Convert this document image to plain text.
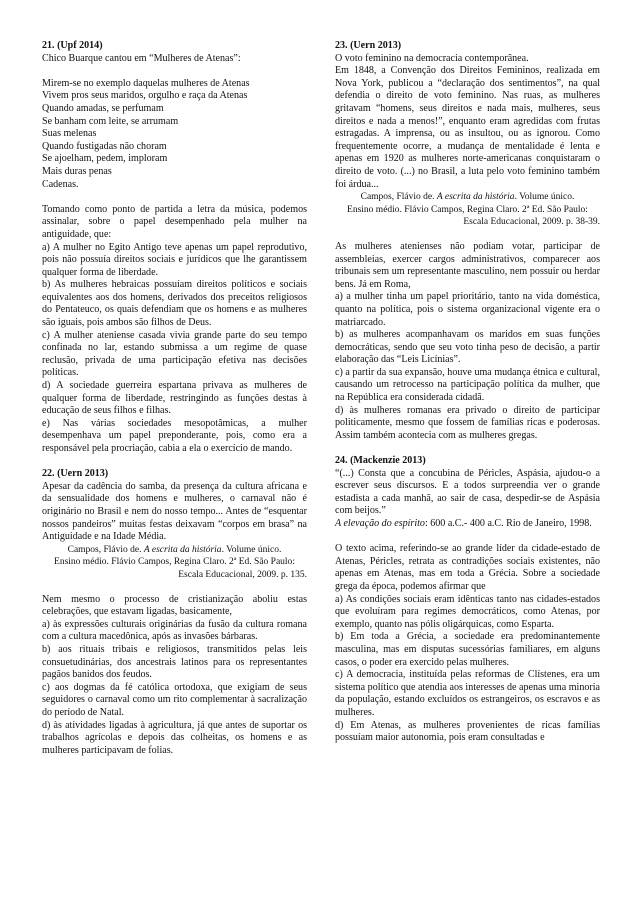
21. (Upf 2014)

Chico Buarque cantou em “Mulheres de Atenas”:

Mirem-se no exemplo daquelas mulheres de Atenas

Vivem pros seus maridos, orgulho e raça da Atenas

Quando amadas, se perfumam

Se banham com leite, se arrumam

Suas melenas

Quando fustigadas não choram

Se ajoelham, pedem, imploram

Mais duras penas

Cadenas.

Tomando como ponto de partida a letra da música, podemos assinalar, sobre o papel desempenhado pela mulher na antiguidade, que:

a) A mulher no Egito Antigo teve apenas um papel reprodutivo, pois não possuía direitos sociais e jurídicos que lhe garantissem qualquer forma de liberdade.

b) As mulheres hebraicas possuíam direitos políticos e sociais equivalentes aos dos homens, derivados dos preceitos religiosos do Pentateuco, os quais defendiam que os homens e as mulheres são iguais, pois ambos são filhos de Deus.

c) A mulher ateniense casada vivia grande parte do seu tempo confinada no lar, estando submissa a um regime de quase reclusão, privada de uma participação efetiva nas decisões políticas.

d) A sociedade guerreira espartana privava as mulheres de qualquer forma de liberdade, restringindo as funções destas à educação de seus filhos e filhas.

e) Nas várias sociedades mesopotâmicas, a mulher desempenhava um papel preponderante, pois, como era a responsável pela procriação, cabia a ela o exercício de mando.

22. (Uern 2013)

Apesar da cadência do samba, da presença da cultura africana e da sensualidade dos homens e mulheres, o carnaval não é originário no Brasil e nem do nosso tempo... Antes de “esquentar nossos pandeiros” muitas festas deixavam “corpos em brasa” na Antiguidade e na Idade Média.

Campos, Flávio de. A escrita da história. Volume único.

Ensino médio. Flávio Campos, Regina Claro. 2ª Ed. São Paulo:

Escala Educacional, 2009. p. 135.

Nem mesmo o processo de cristianização aboliu estas celebrações, que estavam ligadas, basicamente,

a) às expressões culturais originárias da fusão da cultura romana com a cultura macedônica, após as invasões bárbaras.

b) aos rituais tribais e religiosos, transmitidos pelas leis consuetudinárias, dos ancestrais latinos para os representantes pagãos banidos dos feudos.

c) aos dogmas da fé católica ortodoxa, que exigiam de seus seguidores o carnaval como um rito complementar à sacralização do período de Natal.

d) às atividades ligadas à agricultura, já que antes de suportar os trabalhos agrícolas e depois das colheitas, os homens e as mulheres participavam de folias.

23. (Uern 2013)

O voto feminino na democracia contemporânea.

Em 1848, a Convenção dos Direitos Femininos, realizada em Nova York, publicou a “declaração dos sentimentos”, na qual defendia o direito de voto feminino. Nas ruas, as mulheres gritavam “homens, seus direitos e nada mais, mulheres, seus direitos e nada a menos!”, enquanto eram agredidas com frutas estragadas. A imprensa, ou as insultou, ou as ignorou. Como frequentemente ocorre, a mudança de mentalidade é lenta e apenas em 1920 as mulheres norte-americanas conquistaram o direito de voto. (...) no Brasil, a luta pelo voto feminino também foi árdua...

Campos, Flávio de. A escrita da história. Volume único.

Ensino médio. Flávio Campos, Regina Claro. 2ª Ed. São Paulo:

Escala Educacional, 2009. p. 38-39.

As mulheres atenienses não podiam votar, participar de assembleias, exercer cargos administrativos, comparecer aos tribunais sem um representante masculino, nem possuir ou herdar bens. Já em Roma,

a) a mulher tinha um papel prioritário, tanto na vida doméstica, quanto na política, pois o sistema organizacional vigente era o matriarcado.

b) as mulheres acompanhavam os maridos em suas funções democráticas, sendo que seu voto tinha peso de decisão, a partir elaboração das “Leis Licínias”.

c) a partir da sua expansão, houve uma mudança étnica e cultural, causando um retrocesso na participação política da mulher, que na República era considerada cidadã.

d) às mulheres romanas era privado o direito de participar politicamente, mesmo que fossem de famílias ricas e poderosas. Assim também acontecia com as mulheres gregas.

24. (Mackenzie 2013)

“(...) Consta que a concubina de Péricles, Aspásia, ajudou-o a escrever seus discursos. E a todos surpreendia ver o grande estadista a cada manhã, ao sair de casa, despedir-se de Aspásia com beijos.”

A elevação do espírito: 600 a.C.- 400 a.C. Rio de Janeiro, 1998.

O texto acima, referindo-se ao grande líder da cidade-estado de Atenas, Péricles, retrata as contradições sociais existentes, não apenas em Atenas, mas em toda a Grécia. Sobre a sociedade grega da época, podemos afirmar que

a) As condições sociais eram idênticas tanto nas cidades-estados que evoluíram para regimes democráticos, como Atenas, por exemplo, quanto nas pólis oligárquicas, como Esparta.

b) Em toda a Grécia, a sociedade era predominantemente masculina, mas em disputas sucessórias familiares, em alguns casos, o poder era exercido pelas mulheres.

c) A democracia, instituída pelas reformas de Clístenes, era um sistema político que atendia aos interesses de apenas uma minoria da população, estando excluídos os estrangeiros, os escravos e as mulheres.

d) Em Atenas, as mulheres provenientes de ricas famílias possuíam maior autonomia, pois eram consultadas e
